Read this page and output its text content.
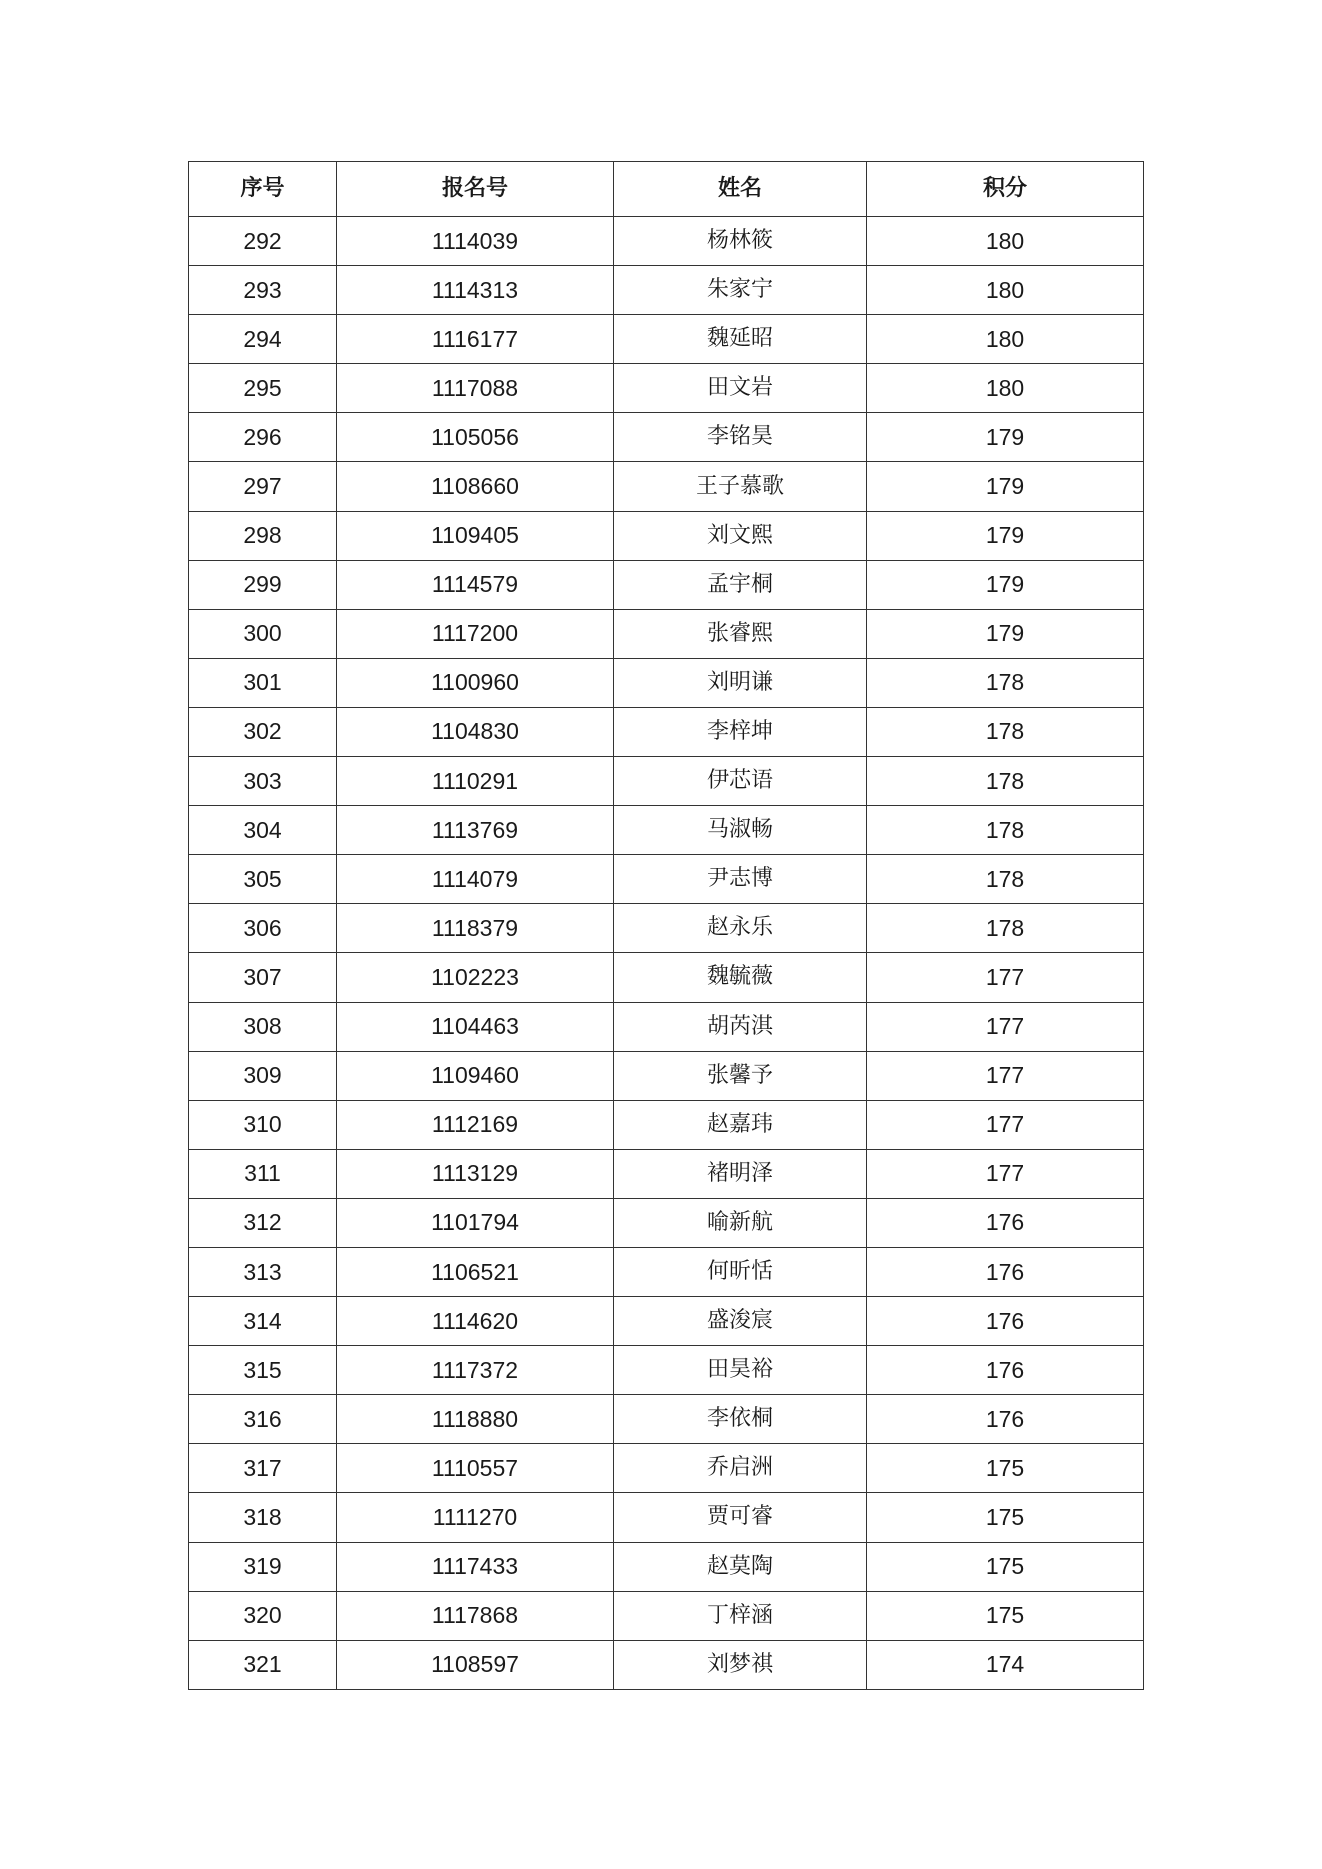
序号	报名号	姓名	积分
292	1114039	杨林筱	180
293	1114313	朱家宁	180
294	1116177	魏延昭	180
295	1117088	田文岩	180
296	1105056	李铭昊	179
297	1108660	王子慕歌	179
298	1109405	刘文熙	179
299	1114579	孟宇桐	179
300	1117200	张睿熙	179
301	1100960	刘明谦	178
302	1104830	李梓坤	178
303	1110291	伊芯语	178
304	1113769	马淑畅	178
305	1114079	尹志博	178
306	1118379	赵永乐	178
307	1102223	魏毓薇	177
308	1104463	胡芮淇	177
309	1109460	张馨予	177
310	1112169	赵嘉玮	177
311	1113129	褚明泽	177
312	1101794	喻新航	176
313	1106521	何昕恬	176
314	1114620	盛浚宸	176
315	1117372	田昊裕	176
316	1118880	李依桐	176
317	1110557	乔启洲	175
318	1111270	贾可睿	175
319	1117433	赵莫陶	175
320	1117868	丁梓涵	175
321	1108597	刘梦祺	174
